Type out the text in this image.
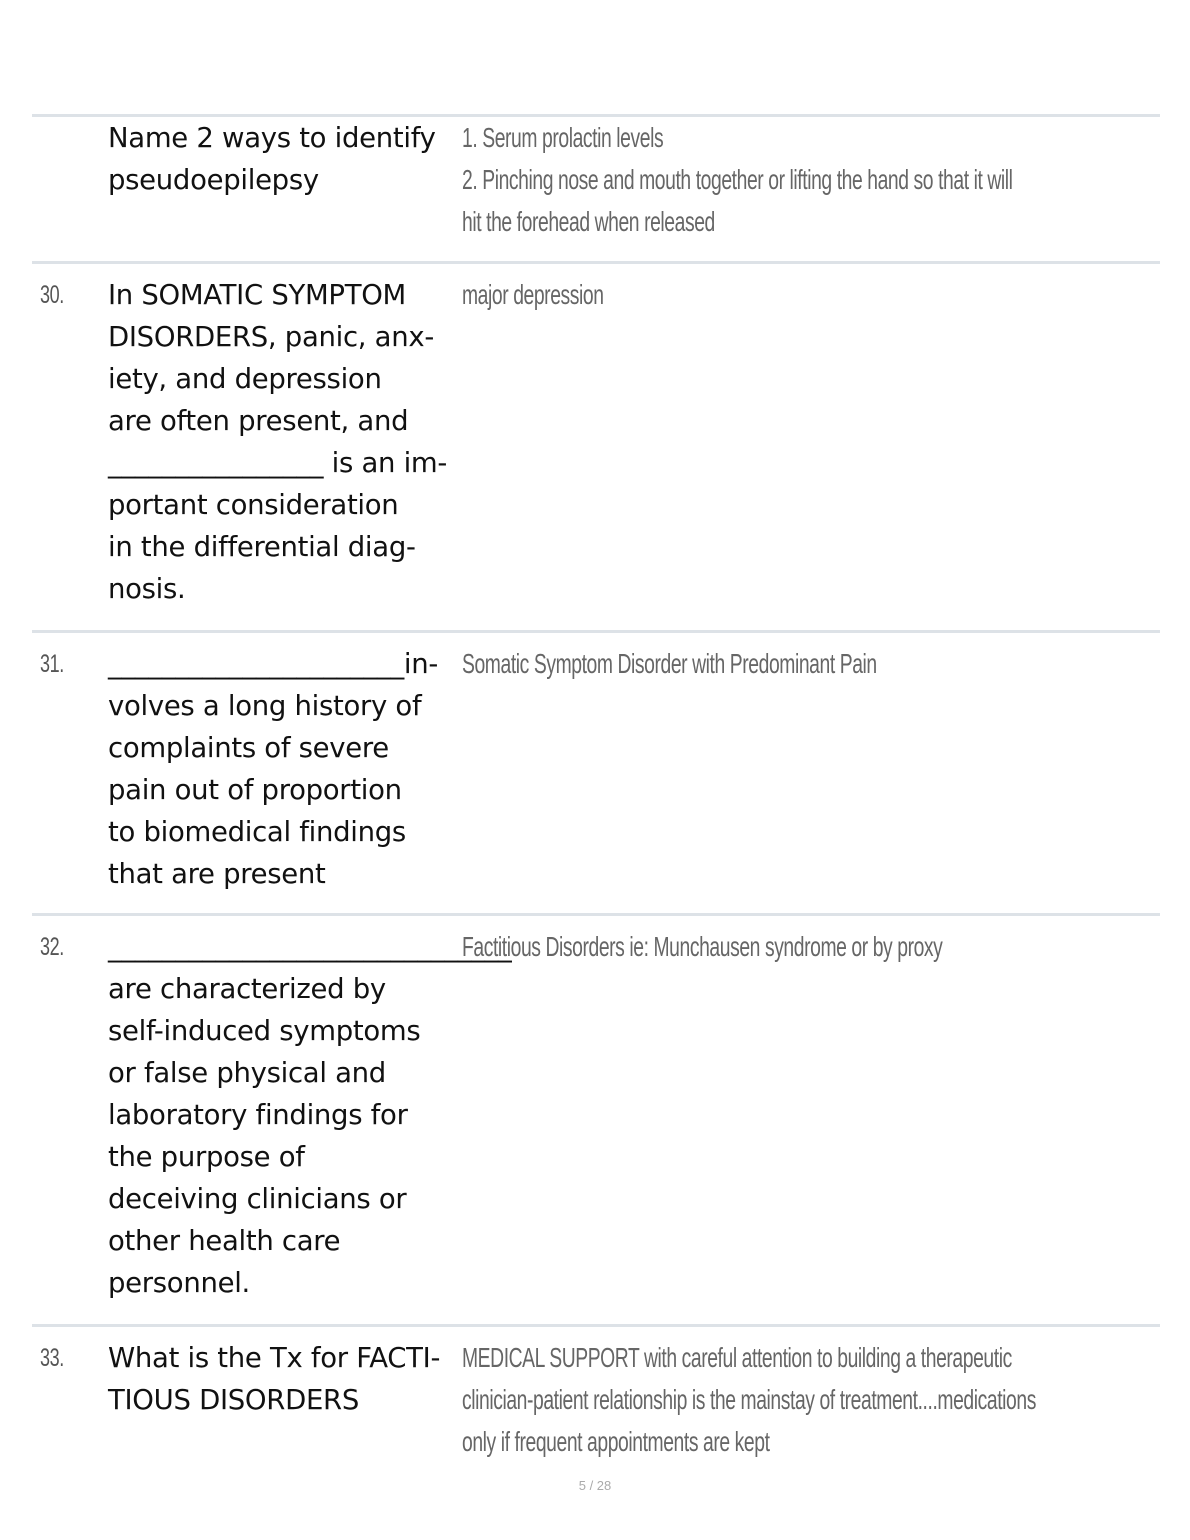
Name 2 ways to identify
pseudoepilepsy
1. Serum prolactin levels
2. Pinching nose and mouth together or lifting the hand so that it will
hit the forehead when released
30. In SOMATIC SYMPTOM
DISORDERS, panic, anx-
iety, and depression
are often present, and
________________ is an im-
portant consideration
in the differential diag-
nosis.
major depression
31. ______________________in-
volves a long history of
complaints of severe
pain out of proportion
to biomedical findings
that are present
Somatic Symptom Disorder with Predominant Pain
32. ______________________________
are characterized by
self-induced symptoms
or false physical and
laboratory findings for
the purpose of
deceiving clinicians or
other health care
personnel.
Factitious Disorders ie: Munchausen syndrome or by proxy
33. What is the Tx for FACTI-
TIOUS DISORDERS
MEDICAL SUPPORT with careful attention to building a therapeutic
clinician-patient relationship is the mainstay of treatment....medications
only if frequent appointments are kept
5 / 28
